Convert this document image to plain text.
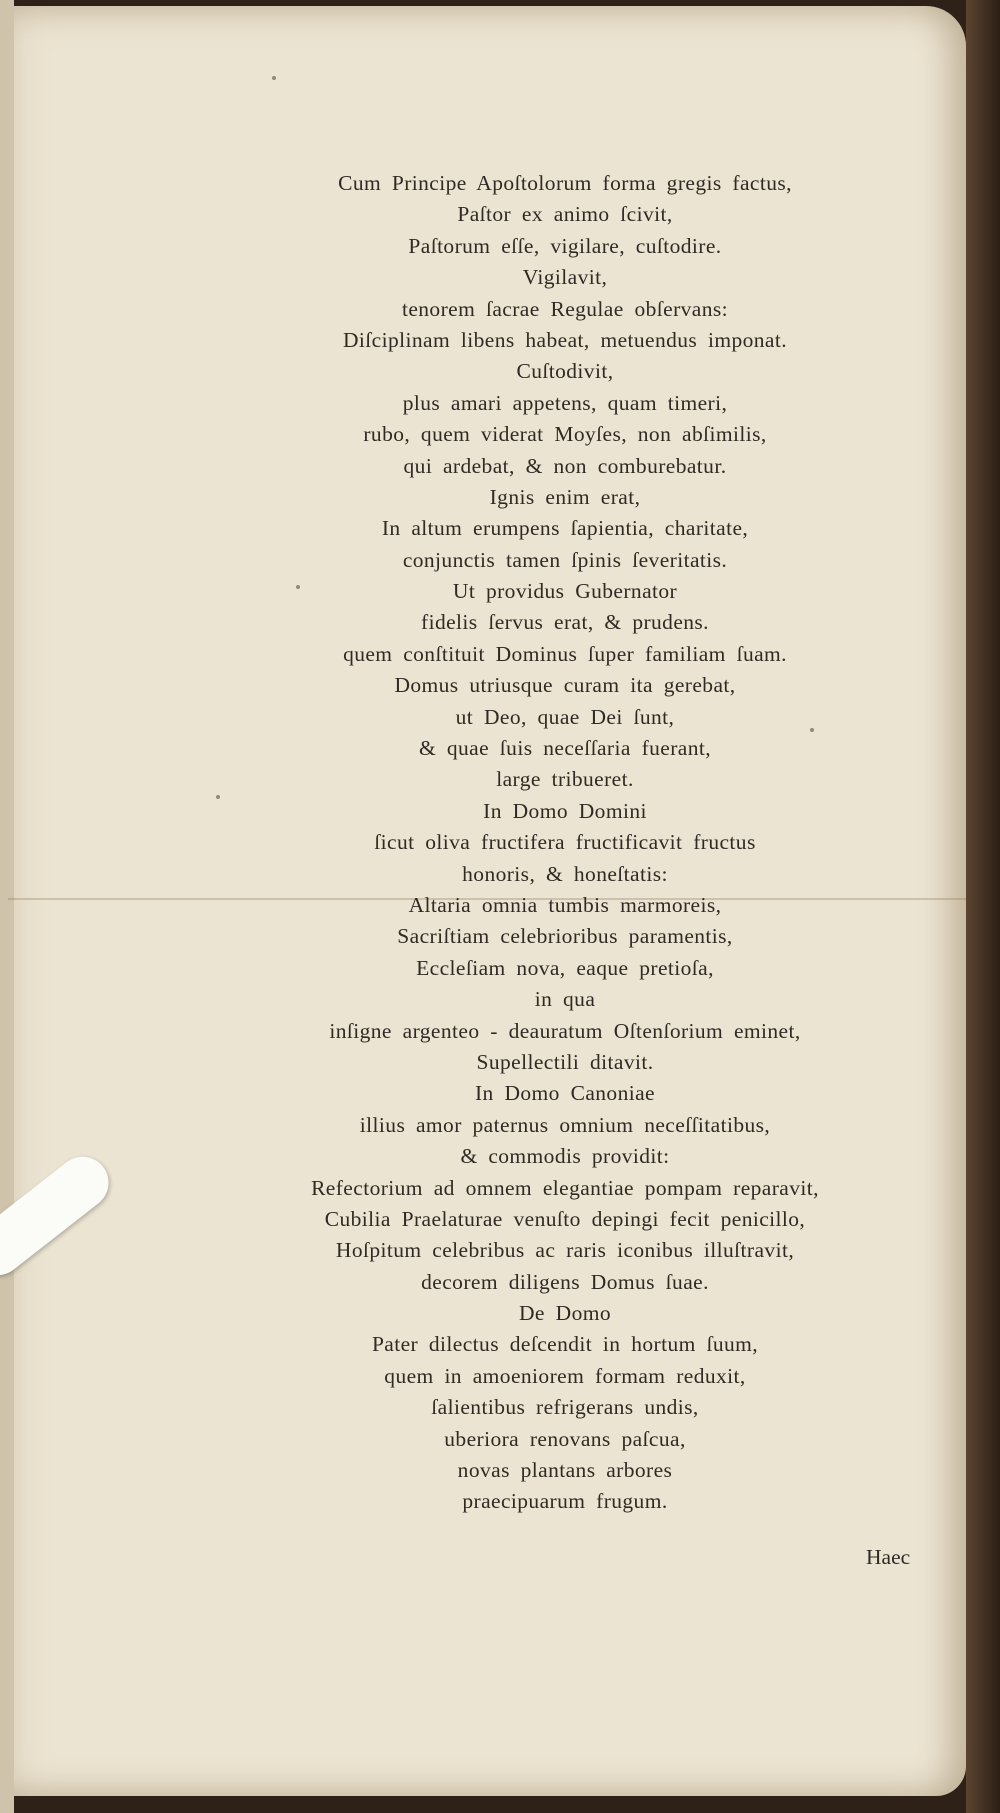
Cum Principe Apoſtolorum forma gregis factus,
Paſtor ex animo ſcivit,
Paſtorum eſſe, vigilare, cuſtodire.
Vigilavit,
tenorem ſacrae Regulae obſervans:
Diſciplinam libens habeat, metuendus imponat.
Cuſtodivit,
plus amari appetens, quam timeri,
rubo, quem viderat Moyſes, non abſimilis,
qui ardebat, & non comburebatur.
Ignis enim erat,
In altum erumpens ſapientia, charitate,
conjunctis tamen ſpinis ſeveritatis.
Ut providus Gubernator
fidelis ſervus erat, & prudens.
quem conſtituit Dominus ſuper familiam ſuam.
Domus utriusque curam ita gerebat,
ut Deo, quae Dei ſunt,
& quae ſuis neceſſaria fuerant,
large tribueret.
In Domo Domini
ſicut oliva fructifera fructificavit fructus
honoris, & honeſtatis:
Altaria omnia tumbis marmoreis,
Sacriſtiam celebrioribus paramentis,
Eccleſiam nova, eaque pretioſa,
in qua
inſigne argenteo - deauratum Oſtenſorium eminet,
Supellectili ditavit.
In Domo Canoniae
illius amor paternus omnium neceſſitatibus,
& commodis providit:
Refectorium ad omnem elegantiae pompam reparavit,
Cubilia Praelaturae venuſto depingi fecit penicillo,
Hoſpitum celebribus ac raris iconibus illuſtravit,
decorem diligens Domus ſuae.
De Domo
Pater dilectus deſcendit in hortum ſuum,
quem in amoeniorem formam reduxit,
ſalientibus refrigerans undis,
uberiora renovans paſcua,
novas plantans arbores
praecipuarum frugum.
Haec
